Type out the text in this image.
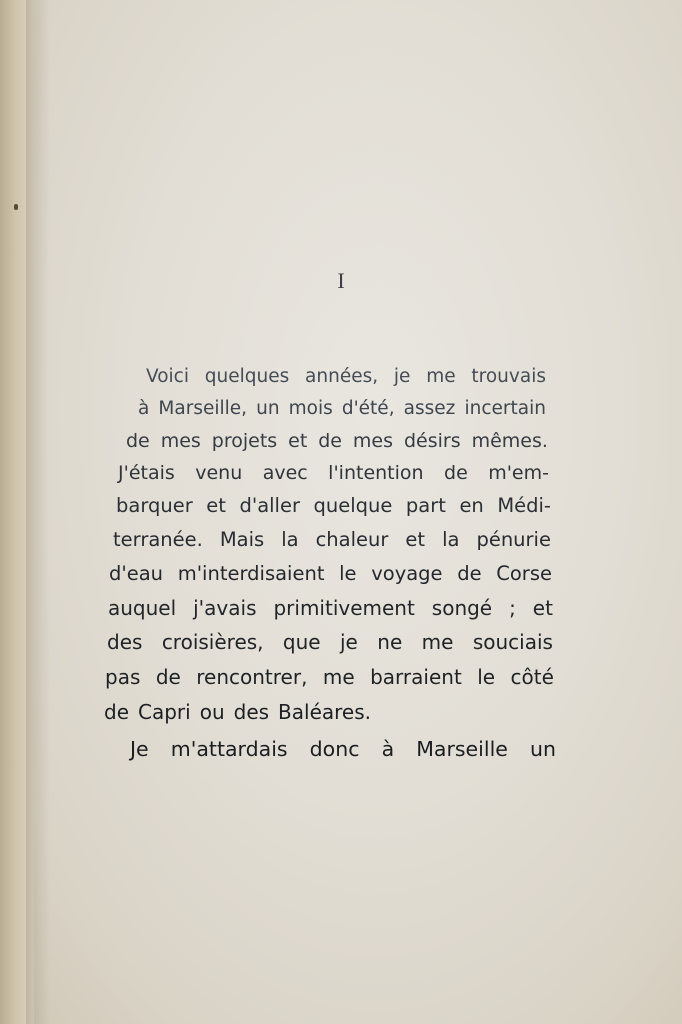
I
Voici quelques années, je me trouvais
à Marseille, un mois d'été, assez incertain
de mes projets et de mes désirs mêmes.
J'étais venu avec l'intention de m'em-
barquer et d'aller quelque part en Médi-
terranée. Mais la chaleur et la pénurie
d'eau m'interdisaient le voyage de Corse
auquel j'avais primitivement songé ; et
des croisières, que je ne me souciais
pas de rencontrer, me barraient le côté
de Capri ou des Baléares.
Je m'attardais donc à Marseille un
